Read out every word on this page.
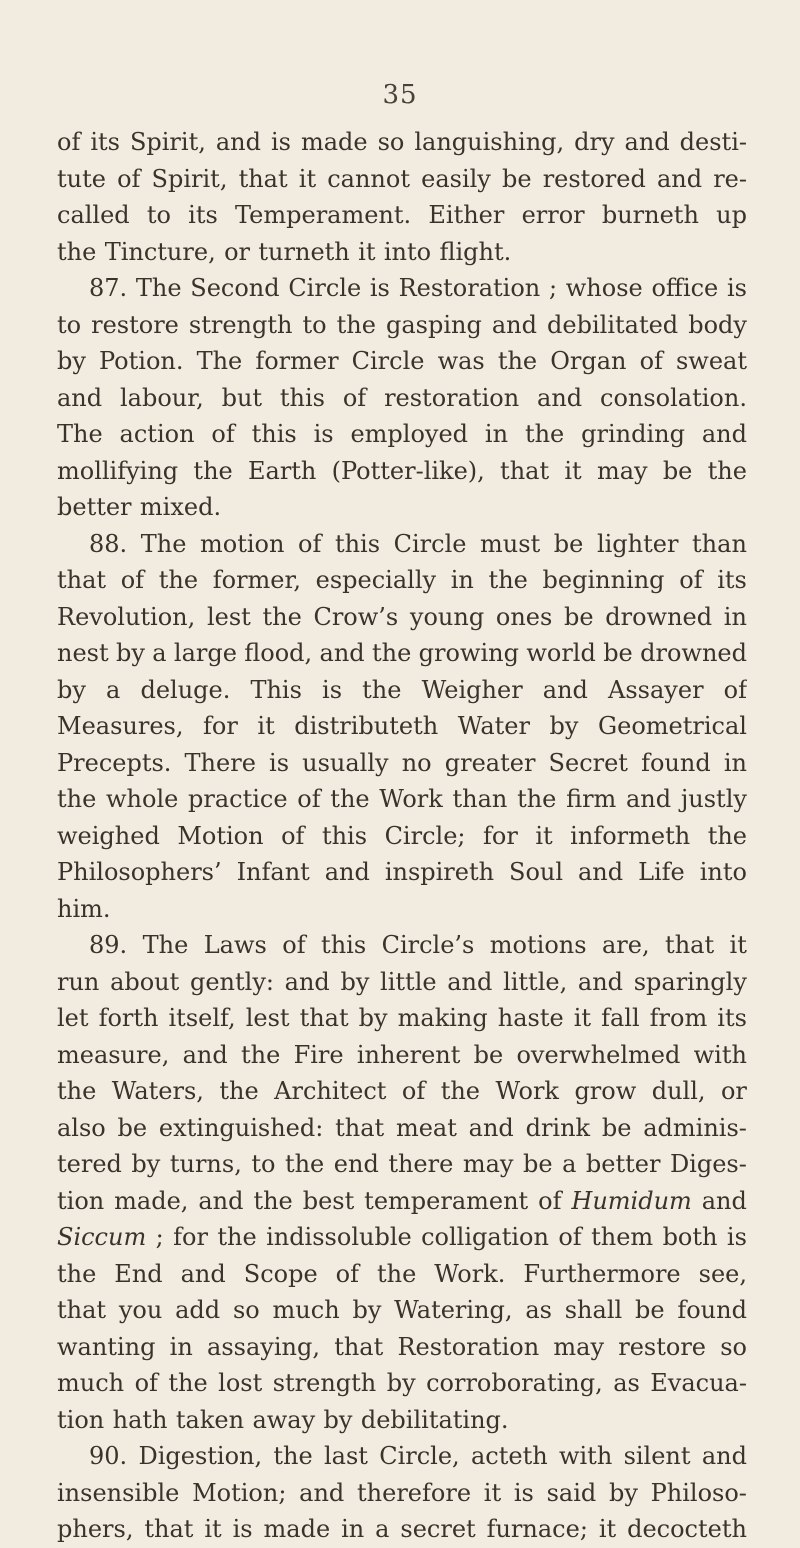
35
of its Spirit, and is made so languishing, dry and desti-
tute of Spirit, that it cannot easily be restored and re-
called to its Temperament. Either error burneth up
the Tincture, or turneth it into flight.
87. The Second Circle is Restoration ; whose office is
to restore strength to the gasping and debilitated body
by Potion. The former Circle was the Organ of sweat
and labour, but this of restoration and consolation.
The action of this is employed in the grinding and
mollifying the Earth (Potter-like), that it may be the
better mixed.
88. The motion of this Circle must be lighter than
that of the former, especially in the beginning of its
Revolution, lest the Crow’s young ones be drowned in
nest by a large flood, and the growing world be drowned
by a deluge. This is the Weigher and Assayer of
Measures, for it distributeth Water by Geometrical
Precepts. There is usually no greater Secret found in
the whole practice of the Work than the firm and justly
weighed Motion of this Circle; for it informeth the
Philosophers’ Infant and inspireth Soul and Life into
him.
89. The Laws of this Circle’s motions are, that it
run about gently: and by little and little, and sparingly
let forth itself, lest that by making haste it fall from its
measure, and the Fire inherent be overwhelmed with
the Waters, the Architect of the Work grow dull, or
also be extinguished: that meat and drink be adminis-
tered by turns, to the end there may be a better Diges-
tion made, and the best temperament of Humidum and
Siccum ; for the indissoluble colligation of them both is
the End and Scope of the Work. Furthermore see,
that you add so much by Watering, as shall be found
wanting in assaying, that Restoration may restore so
much of the lost strength by corroborating, as Evacua-
tion hath taken away by debilitating.
90. Digestion, the last Circle, acteth with silent and
insensible Motion; and therefore it is said by Philoso-
phers, that it is made in a secret furnace; it decocteth
